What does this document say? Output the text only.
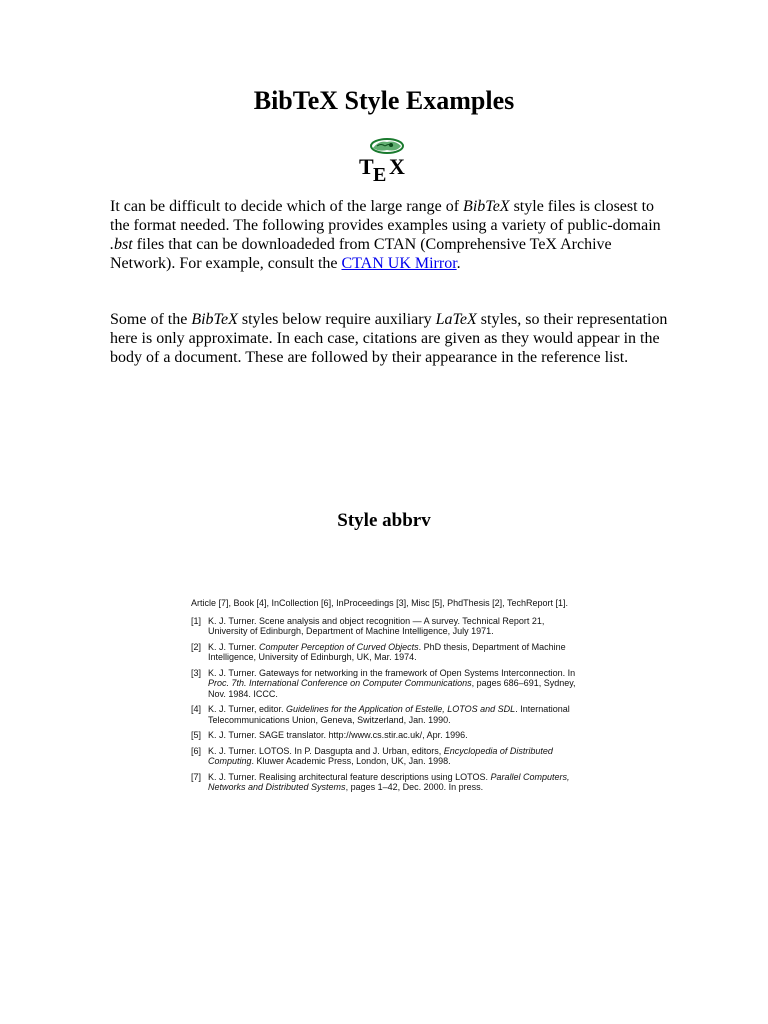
BibTeX Style Examples
T E X

It can be difficult to decide which of the large range of BibTeX style files is closest to the format needed. The following provides examples using a variety of public-domain .bst files that can be downloadeded from CTAN (Comprehensive TeX Archive Network). For example, consult the CTAN UK Mirror.

Some of the BibTeX styles below require auxiliary LaTeX styles, so their representation here is only approximate. In each case, citations are given as they would appear in the body of a document. These are followed by their appearance in the reference list.

Style abbrv

Article [7], Book [4], InCollection [6], InProceedings [3], Misc [5], PhdThesis [2], TechReport [1].

[1] K. J. Turner. Scene analysis and object recognition — A survey. Technical Report 21, University of Edinburgh, Department of Machine Intelligence, July 1971.
[2] K. J. Turner. Computer Perception of Curved Objects. PhD thesis, Department of Machine Intelligence, University of Edinburgh, UK, Mar. 1974.
[3] K. J. Turner. Gateways for networking in the framework of Open Systems Interconnection. In Proc. 7th. International Conference on Computer Communications, pages 686–691, Sydney, Nov. 1984. ICCC.
[4] K. J. Turner, editor. Guidelines for the Application of Estelle, LOTOS and SDL. International Telecommunications Union, Geneva, Switzerland, Jan. 1990.
[5] K. J. Turner. SAGE translator. http://www.cs.stir.ac.uk/, Apr. 1996.
[6] K. J. Turner. LOTOS. In P. Dasgupta and J. Urban, editors, Encyclopedia of Distributed Computing. Kluwer Academic Press, London, UK, Jan. 1998.
[7] K. J. Turner. Realising architectural feature descriptions using LOTOS. Parallel Computers, Networks and Distributed Systems, pages 1–42, Dec. 2000. In press.
